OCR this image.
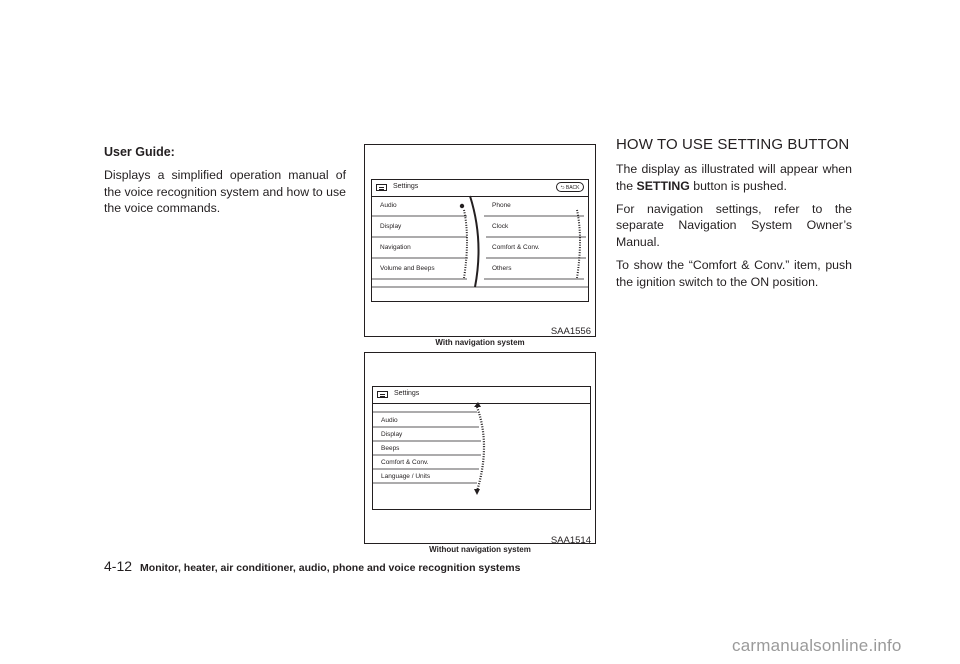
User Guide:

Displays a simplified operation manual of the voice recognition system and how to use the voice commands.

Settings	⮌ BACK
Audio
Display
Navigation
Volume and Beeps
Phone
Clock
Comfort & Conv.
Others
SAA1556
With navigation system
Settings
Audio
Display
Beeps
Comfort & Conv.
Language / Units
SAA1514
Without navigation system
HOW TO USE SETTING BUTTON

The display as illustrated will appear when the SETTING button is pushed.

For navigation settings, refer to the separate Navigation System Owner’s Manual.

To show the “Comfort & Conv.” item, push the ignition switch to the ON position.

4-12 Monitor, heater, air conditioner, audio, phone and voice recognition systems
carmanualsonline.info
